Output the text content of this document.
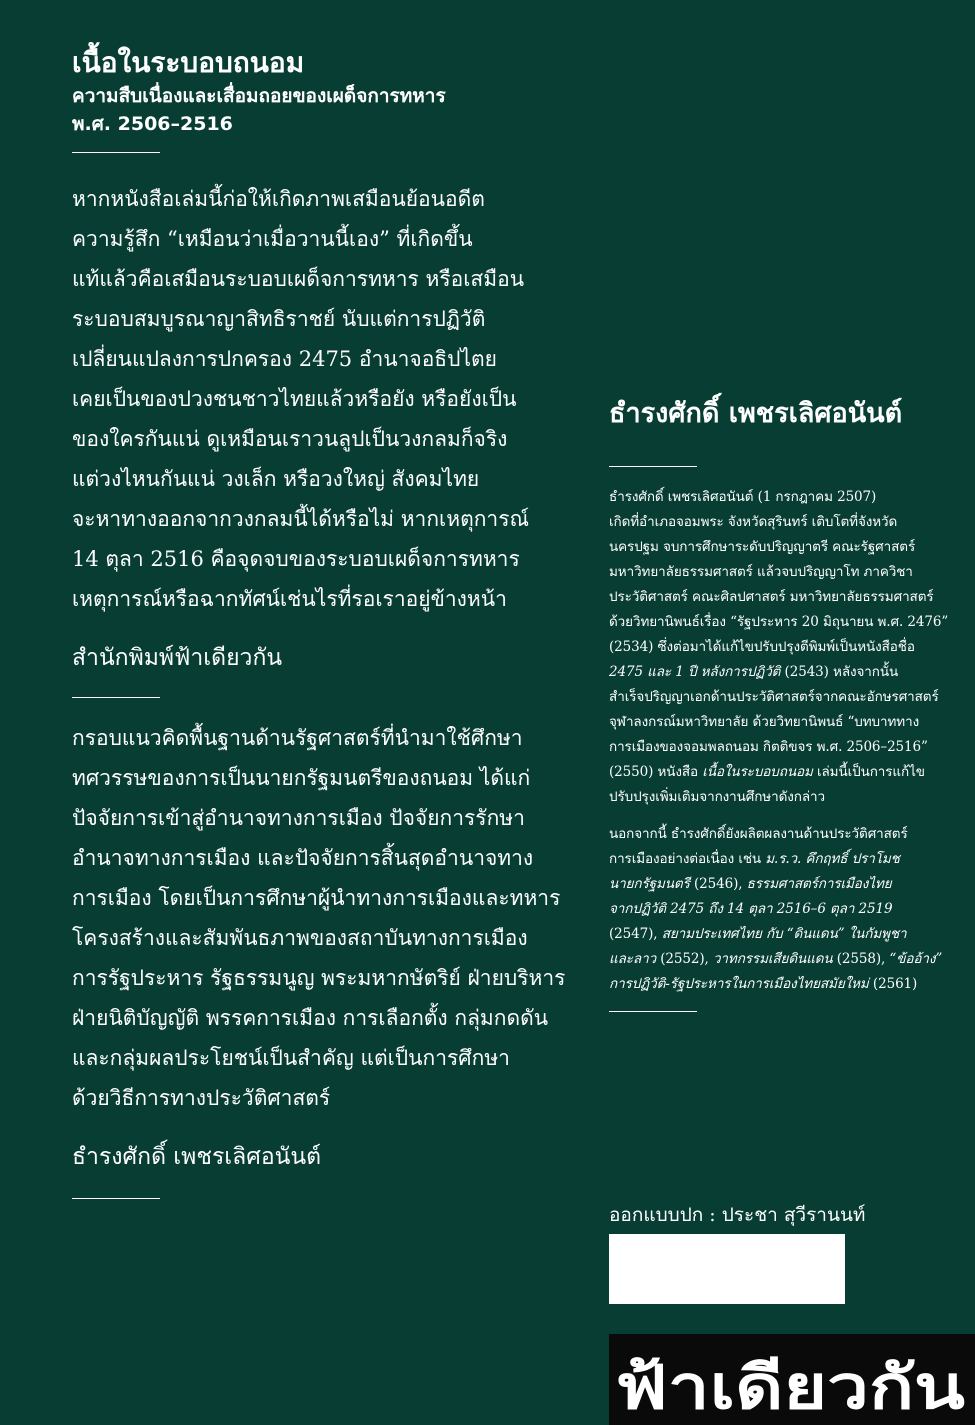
เนื้อในระบอบถนอม

ความสืบเนื่องและเสื่อมถอยของเผด็จการทหาร

พ.ศ. 2506–2516

หากหนังสือเล่มนี้ก่อให้เกิดภาพเสมือนย้อนอดีต

ความรู้สึก “เหมือนว่าเมื่อวานนี้เอง” ที่เกิดขึ้น

แท้แล้วคือเสมือนระบอบเผด็จการทหาร หรือเสมือน

ระบอบสมบูรณาญาสิทธิราชย์ นับแต่การปฏิวัติ

เปลี่ยนแปลงการปกครอง 2475 อำนาจอธิปไตย

เคยเป็นของปวงชนชาวไทยแล้วหรือยัง หรือยังเป็น

ของใครกันแน่ ดูเหมือนเราวนลูปเป็นวงกลมก็จริง

แต่วงไหนกันแน่ วงเล็ก หรือวงใหญ่ สังคมไทย

จะหาทางออกจากวงกลมนี้ได้หรือไม่ หากเหตุการณ์

14 ตุลา 2516 คือจุดจบของระบอบเผด็จการทหาร

เหตุการณ์หรือฉากทัศน์เช่นไรที่รอเราอยู่ข้างหน้า

สำนักพิมพ์ฟ้าเดียวกัน

กรอบแนวคิดพื้นฐานด้านรัฐศาสตร์ที่นำมาใช้ศึกษา

ทศวรรษของการเป็นนายกรัฐมนตรีของถนอม ได้แก่

ปัจจัยการเข้าสู่อำนาจทางการเมือง ปัจจัยการรักษา

อำนาจทางการเมือง และปัจจัยการสิ้นสุดอำนาจทาง

การเมือง โดยเป็นการศึกษาผู้นำทางการเมืองและทหาร

โครงสร้างและสัมพันธภาพของสถาบันทางการเมือง

การรัฐประหาร รัฐธรรมนูญ พระมหากษัตริย์ ฝ่ายบริหาร

ฝ่ายนิติบัญญัติ พรรคการเมือง การเลือกตั้ง กลุ่มกดดัน

และกลุ่มผลประโยชน์เป็นสำคัญ แต่เป็นการศึกษา

ด้วยวิธีการทางประวัติศาสตร์

ธำรงศักดิ์ เพชรเลิศอนันต์

ธำรงศักดิ์ เพชรเลิศอนันต์

ธำรงศักดิ์ เพชรเลิศอนันต์ (1 กรกฎาคม 2507)

เกิดที่อำเภอจอมพระ จังหวัดสุรินทร์ เติบโตที่จังหวัด

นครปฐม จบการศึกษาระดับปริญญาตรี คณะรัฐศาสตร์

มหาวิทยาลัยธรรมศาสตร์ แล้วจบปริญญาโท ภาควิชา

ประวัติศาสตร์ คณะศิลปศาสตร์ มหาวิทยาลัยธรรมศาสตร์

ด้วยวิทยานิพนธ์เรื่อง “รัฐประหาร 20 มิถุนายน พ.ศ. 2476”

(2534) ซึ่งต่อมาได้แก้ไขปรับปรุงตีพิมพ์เป็นหนังสือชื่อ

2475 และ 1 ปี หลังการปฏิวัติ (2543) หลังจากนั้น

สำเร็จปริญญาเอกด้านประวัติศาสตร์จากคณะอักษรศาสตร์

จุฬาลงกรณ์มหาวิทยาลัย ด้วยวิทยานิพนธ์ “บทบาททาง

การเมืองของจอมพลถนอม กิตติขจร พ.ศ. 2506–2516”

(2550) หนังสือ เนื้อในระบอบถนอม เล่มนี้เป็นการแก้ไข

ปรับปรุงเพิ่มเติมจากงานศึกษาดังกล่าว

นอกจากนี้ ธำรงศักดิ์ยังผลิตผลงานด้านประวัติศาสตร์

การเมืองอย่างต่อเนื่อง เช่น ม.ร.ว. คึกฤทธิ์ ปราโมช

นายกรัฐมนตรี (2546), ธรรมศาสตร์การเมืองไทย

จากปฏิวัติ 2475 ถึง 14 ตุลา 2516–6 ตุลา 2519

(2547), สยามประเทศไทย กับ “ดินแดน” ในกัมพูชา

และลาว (2552), วาทกรรมเสียดินแดน (2558), “ข้ออ้าง”

การปฏิวัติ-รัฐประหารในการเมืองไทยสมัยใหม่ (2561)

ออกแบบปก : ประชา สุวีรานนท์
ฟ้าเดียวกัน
